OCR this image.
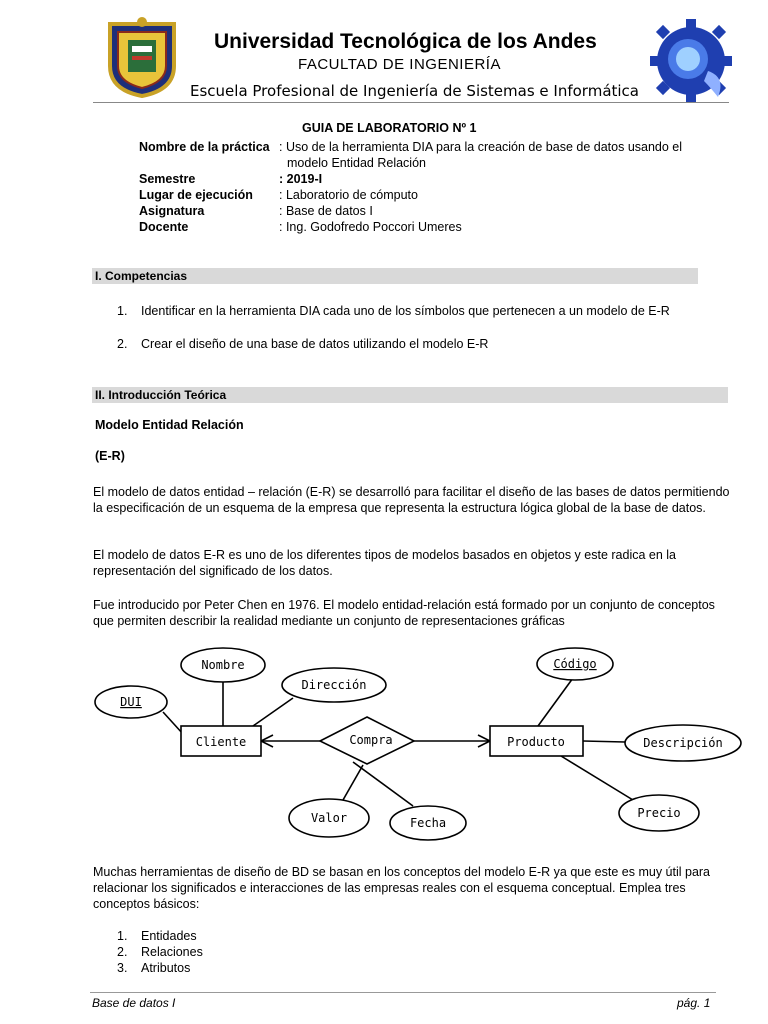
Universidad Tecnológica de los Andes
FACULTAD DE INGENIERÍA
Escuela Profesional de Ingeniería de Sistemas e Informática
GUIA DE LABORATORIO Nº 1
Nombre de la práctica : Uso de la herramienta DIA para la creación de base de datos usando el
modelo Entidad Relación
Semestre	: 2019-I
Lugar de ejecución	: Laboratorio de cómputo
Asignatura	: Base de datos I
Docente	: Ing. Godofredo Poccori Umeres
I. Competencias
1.	Identificar en la herramienta DIA cada uno de los símbolos que pertenecen a un modelo de E-R
2.	Crear el diseño de una base de datos utilizando el modelo E-R
II. Introducción Teórica
Modelo Entidad Relación
(E-R)
El modelo de datos entidad – relación (E-R) se desarrolló para facilitar el diseño de las bases de datos permitiendo la especificación de un esquema de la empresa que representa la estructura lógica global de la base de datos.
El modelo de datos E-R es uno de los diferentes tipos de modelos basados en objetos y este radica en la representación del significado de los datos.
Fue introducido por Peter Chen en 1976. El modelo entidad-relación está formado por un conjunto de conceptos que permiten describir la realidad mediante un conjunto de representaciones gráficas
Nombre
Dirección
DUI
Valor	Fecha
Código
Descripción
Precio
Cliente	Producto
Compra
Muchas herramientas de diseño de BD se basan en los conceptos del modelo E-R ya que este es muy útil para relacionar los significados e interacciones de las empresas reales con el esquema conceptual. Emplea tres conceptos básicos:
1.	Entidades
2.	Relaciones
3.	Atributos
Base de datos I	pág. 1
